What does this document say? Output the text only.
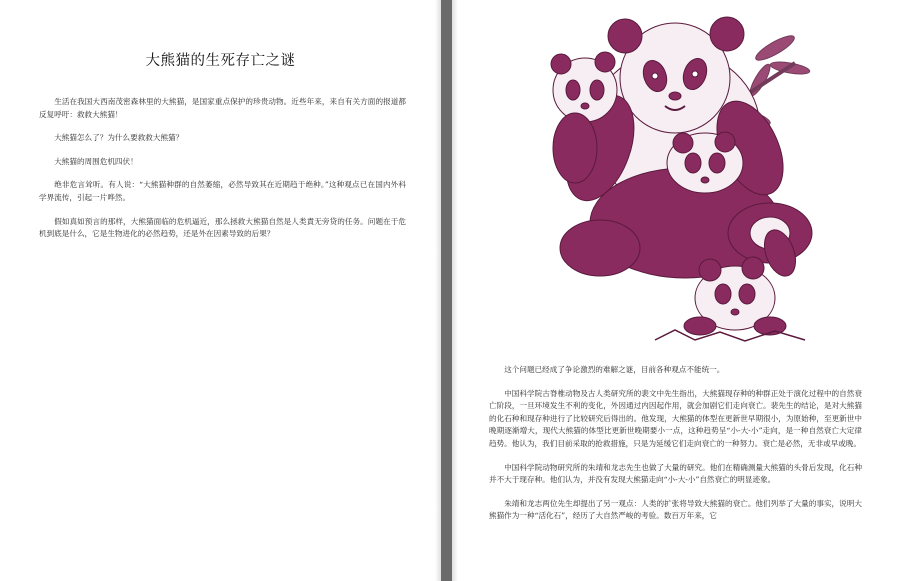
大熊猫的生死存亡之谜

生活在我国大西南茂密森林里的大熊猫，是国家重点保护的珍贵动物。近些年来，来自有关方面的报道都反复呼吁：救救大熊猫！

大熊猫怎么了？为什么要救救大熊猫？

大熊猫的周围危机四伏！

绝非危言耸听。有人说：“大熊猫种群的自然萎缩，必然导致其在近期趋于绝种。”这种观点已在国内外科学界流传，引起一片哗然。

假如真如预言的那样，大熊猫面临的危机逼近，那么拯救大熊猫自然是人类責无旁贷的任务。问题在于危机到底是什么，它是生物进化的必然趋势，还是外在因素导致的后果？

这个问题已经成了争论激烈的难解之谜，目前各种观点不能统一。

中国科学院古脊椎动物及古人类研究所的裴文中先生指出，大熊猫现存种的种群正处于演化过程中的自然衰亡阶段，一旦环境发生不利的变化，外因通过内因起作用，就会加剧它们走向衰亡。裴先生的结论，是对大熊猫的化石种和现存种进行了比较研究后得出的。他发现，大熊猫的体型在更新世早期很小，为原始种，至更新世中晚期逐渐增大，现代大熊猫的体型比更新世晚期要小一点，这种趋势呈“小-大-小”走向，是一种自然衰亡大定律趋势。他认为，我们目前采取的抢救措施，只是为延缓它们走向衰亡的一种努力。衰亡是必然，无非或早或晚。

中国科学院动物研究所的朱靖和龙志先生也做了大量的研究。他们在精确测量大熊猫的头骨后发现，化石种并不大于现存种。他们认为，并没有发现大熊猫走向“小-大-小”自然衰亡的明显迹象。

朱靖和龙志两位先生却提出了另一观点：人类的扩张将导致大熊猫的衰亡。他们列举了大量的事实，说明大熊猫作为一种“活化石”，经历了大自然严峻的考验。数百万年来，它
